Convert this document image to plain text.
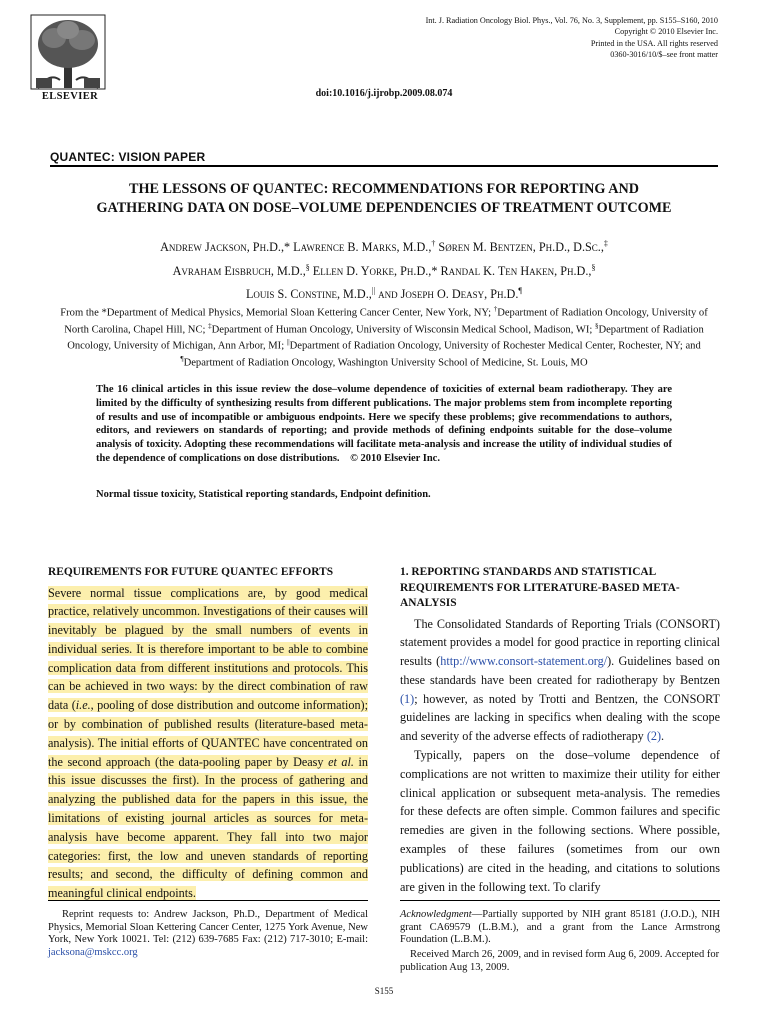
ELSEVIER
Int. J. Radiation Oncology Biol. Phys., Vol. 76, No. 3, Supplement, pp. S155–S160, 2010
Copyright © 2010 Elsevier Inc.
Printed in the USA. All rights reserved
0360-3016/10/$–see front matter
doi:10.1016/j.ijrobp.2009.08.074
QUANTEC: VISION PAPER
THE LESSONS OF QUANTEC: RECOMMENDATIONS FOR REPORTING AND
GATHERING DATA ON DOSE–VOLUME DEPENDENCIES OF TREATMENT OUTCOME
Andrew Jackson, Ph.D.,* Lawrence B. Marks, M.D.,† Søren M. Bentzen, Ph.D., D.Sc.,‡
Avraham Eisbruch, M.D.,§ Ellen D. Yorke, Ph.D.,* Randal K. Ten Haken, Ph.D.,§
Louis S. Constine, M.D.,|| and Joseph O. Deasy, Ph.D.¶
From the *Department of Medical Physics, Memorial Sloan Kettering Cancer Center, New York, NY; †Department of Radiation Oncology, University of North Carolina, Chapel Hill, NC; ‡Department of Human Oncology, University of Wisconsin Medical School, Madison, WI; §Department of Radiation Oncology, University of Michigan, Ann Arbor, MI; ||Department of Radiation Oncology, University of Rochester Medical Center, Rochester, NY; and ¶Department of Radiation Oncology, Washington University School of Medicine, St. Louis, MO
The 16 clinical articles in this issue review the dose–volume dependence of toxicities of external beam radiotherapy. They are limited by the difficulty of synthesizing results from different publications. The major problems stem from incomplete reporting of results and use of incompatible or ambiguous endpoints. Here we specify these problems; give recommendations to authors, editors, and reviewers on standards of reporting; and provide methods of defining endpoints suitable for the dose–volume analysis of toxicity. Adopting these recommendations will facilitate meta-analysis and increase the utility of individual studies of the dependence of complications on dose distributions. © 2010 Elsevier Inc.
Normal tissue toxicity, Statistical reporting standards, Endpoint definition.
REQUIREMENTS FOR FUTURE QUANTEC EFFORTS
Severe normal tissue complications are, by good medical practice, relatively uncommon. Investigations of their causes will inevitably be plagued by the small numbers of events in individual series. It is therefore important to be able to combine complication data from different institutions and protocols. This can be achieved in two ways: by the direct combination of raw data (i.e., pooling of dose distribution and outcome information); or by combination of published results (literature-based meta-analysis). The initial efforts of QUANTEC have concentrated on the second approach (the data-pooling paper by Deasy et al. in this issue discusses the first). In the process of gathering and analyzing the published data for the papers in this issue, the limitations of existing journal articles as sources for meta-analysis have become apparent. They fall into two major categories: first, the low and uneven standards of reporting results; and second, the difficulty of defining common and meaningful clinical endpoints.
1. REPORTING STANDARDS AND STATISTICAL REQUIREMENTS FOR LITERATURE-BASED META-ANALYSIS
The Consolidated Standards of Reporting Trials (CONSORT) statement provides a model for good practice in reporting clinical results (http://www.consort-statement.org/). Guidelines based on these standards have been created for radiotherapy by Bentzen (1); however, as noted by Trotti and Bentzen, the CONSORT guidelines are lacking in specifics when dealing with the scope and severity of the adverse effects of radiotherapy (2).
Typically, papers on the dose–volume dependence of complications are not written to maximize their utility for either clinical application or subsequent meta-analysis. The remedies for these defects are often simple. Common failures and specific remedies are given in the following sections. Where possible, examples of these failures (sometimes from our own publications) are cited in the heading, and citations to solutions are given in the following text. To clarify
Reprint requests to: Andrew Jackson, Ph.D., Department of Medical Physics, Memorial Sloan Kettering Cancer Center, 1275 York Avenue, New York, New York 10021. Tel: (212) 639-7685 Fax: (212) 717-3010; E-mail: jacksona@mskcc.org
Acknowledgment—Partially supported by NIH grant 85181 (J.O.D.), NIH grant CA69579 (L.B.M.), and a grant from the Lance Armstrong Foundation (L.B.M.).
Received March 26, 2009, and in revised form Aug 6, 2009. Accepted for publication Aug 13, 2009.
S155
